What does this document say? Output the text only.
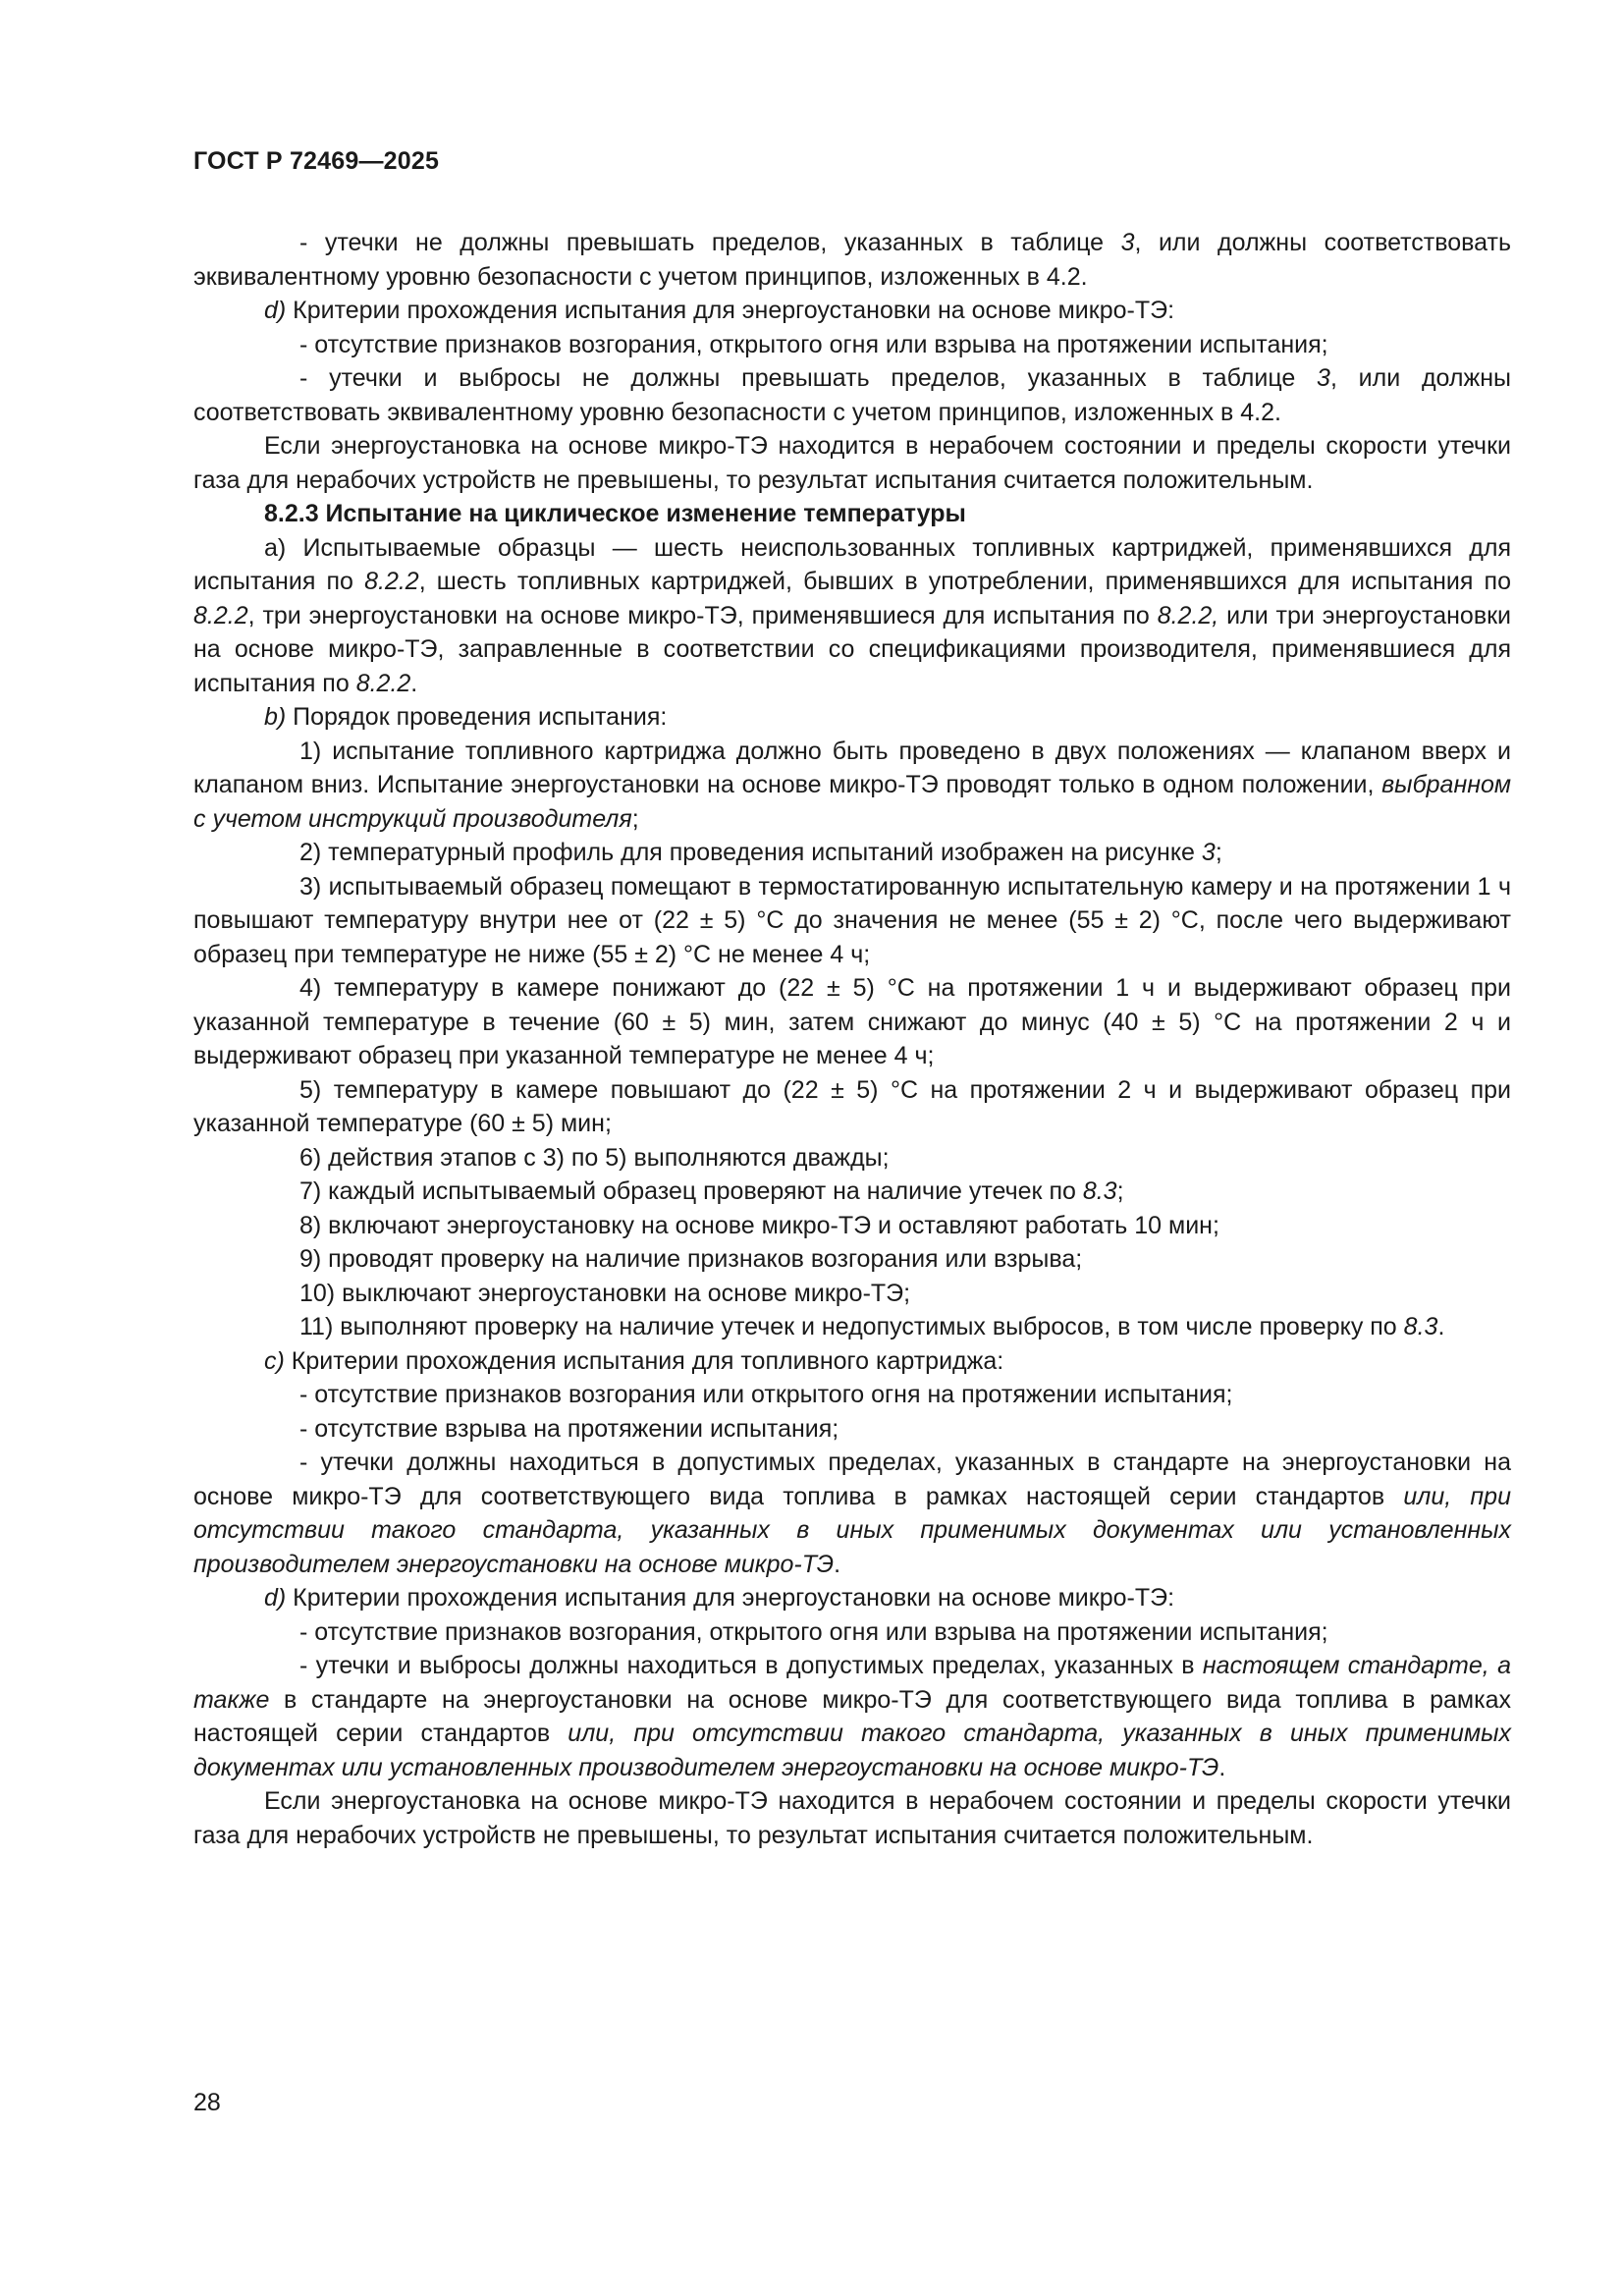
ГОСТ Р 72469—2025

- утечки не должны превышать пределов, указанных в таблице 3, или должны соответствовать эквивалентному уровню безопасности с учетом принципов, изложенных в 4.2.

d) Критерии прохождения испытания для энергоустановки на основе микро-ТЭ:

- отсутствие признаков возгорания, открытого огня или взрыва на протяжении испытания;

- утечки и выбросы не должны превышать пределов, указанных в таблице 3, или должны соответствовать эквивалентному уровню безопасности с учетом принципов, изложенных в 4.2.

Если энергоустановка на основе микро-ТЭ находится в нерабочем состоянии и пределы скорости утечки газа для нерабочих устройств не превышены, то результат испытания считается положительным.

8.2.3 Испытание на циклическое изменение температуры

а) Испытываемые образцы — шесть неиспользованных топливных картриджей, применявшихся для испытания по 8.2.2, шесть топливных картриджей, бывших в употреблении, применявшихся для испытания по 8.2.2, три энергоустановки на основе микро-ТЭ, применявшиеся для испытания по 8.2.2, или три энергоустановки на основе микро-ТЭ, заправленные в соответствии со спецификациями производителя, применявшиеся для испытания по 8.2.2.

b) Порядок проведения испытания:

1) испытание топливного картриджа должно быть проведено в двух положениях — клапаном вверх и клапаном вниз. Испытание энергоустановки на основе микро-ТЭ проводят только в одном положении, выбранном с учетом инструкций производителя;

2) температурный профиль для проведения испытаний изображен на рисунке 3;

3) испытываемый образец помещают в термостатированную испытательную камеру и на протяжении 1 ч повышают температуру внутри нее от (22 ± 5) °C до значения не менее (55 ± 2) °C, после чего выдерживают образец при температуре не ниже (55 ± 2) °C не менее 4 ч;

4) температуру в камере понижают до (22 ± 5) °C на протяжении 1 ч и выдерживают образец при указанной температуре в течение (60 ± 5) мин, затем снижают до минус (40 ± 5) °C на протяжении 2 ч и выдерживают образец при указанной температуре не менее 4 ч;

5) температуру в камере повышают до (22 ± 5) °C на протяжении 2 ч и выдерживают образец при указанной температуре (60 ± 5) мин;

6) действия этапов с 3) по 5) выполняются дважды;

7) каждый испытываемый образец проверяют на наличие утечек по 8.3;

8) включают энергоустановку на основе микро-ТЭ и оставляют работать 10 мин;

9) проводят проверку на наличие признаков возгорания или взрыва;

10) выключают энергоустановки на основе микро-ТЭ;

11) выполняют проверку на наличие утечек и недопустимых выбросов, в том числе проверку по 8.3.

с) Критерии прохождения испытания для топливного картриджа:

- отсутствие признаков возгорания или открытого огня на протяжении испытания;

- отсутствие взрыва на протяжении испытания;

- утечки должны находиться в допустимых пределах, указанных в стандарте на энергоустановки на основе микро-ТЭ для соответствующего вида топлива в рамках настоящей серии стандартов или, при отсутствии такого стандарта, указанных в иных применимых документах или установленных производителем энергоустановки на основе микро-ТЭ.

d) Критерии прохождения испытания для энергоустановки на основе микро-ТЭ:

- отсутствие признаков возгорания, открытого огня или взрыва на протяжении испытания;

- утечки и выбросы должны находиться в допустимых пределах, указанных в настоящем стандарте, а также в стандарте на энергоустановки на основе микро-ТЭ для соответствующего вида топлива в рамках настоящей серии стандартов или, при отсутствии такого стандарта, указанных в иных применимых документах или установленных производителем энергоустановки на основе микро-ТЭ.

Если энергоустановка на основе микро-ТЭ находится в нерабочем состоянии и пределы скорости утечки газа для нерабочих устройств не превышены, то результат испытания считается положительным.

28
